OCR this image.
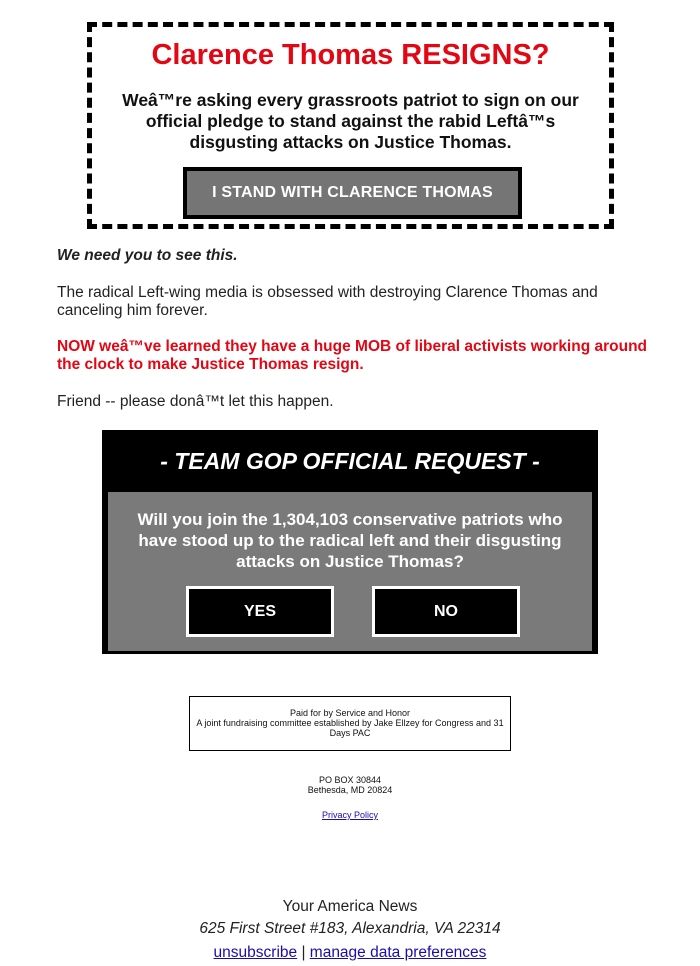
Clarence Thomas RESIGNS?
Weâ™re asking every grassroots patriot to sign on our official pledge to stand against the rabid Leftâ™s disgusting attacks on Justice Thomas.
I STAND WITH CLARENCE THOMAS

We need you to see this.

The radical Left-wing media is obsessed with destroying Clarence Thomas and canceling him forever.

NOW weâ™ve learned they have a huge MOB of liberal activists working around the clock to make Justice Thomas resign.

Friend -- please donâ™t let this happen.

- TEAM GOP OFFICIAL REQUEST -
Will you join the 1,304,103 conservative patriots who have stood up to the radical left and their disgusting attacks on Justice Thomas?
YES	NO
Paid for by Service and Honor
A joint fundraising committee established by Jake Ellzey for Congress and 31 Days PAC
PO BOX 30844
Bethesda, MD 20824
Privacy Policy
Your America News
625 First Street #183, Alexandria, VA 22314
unsubscribe | manage data preferences
